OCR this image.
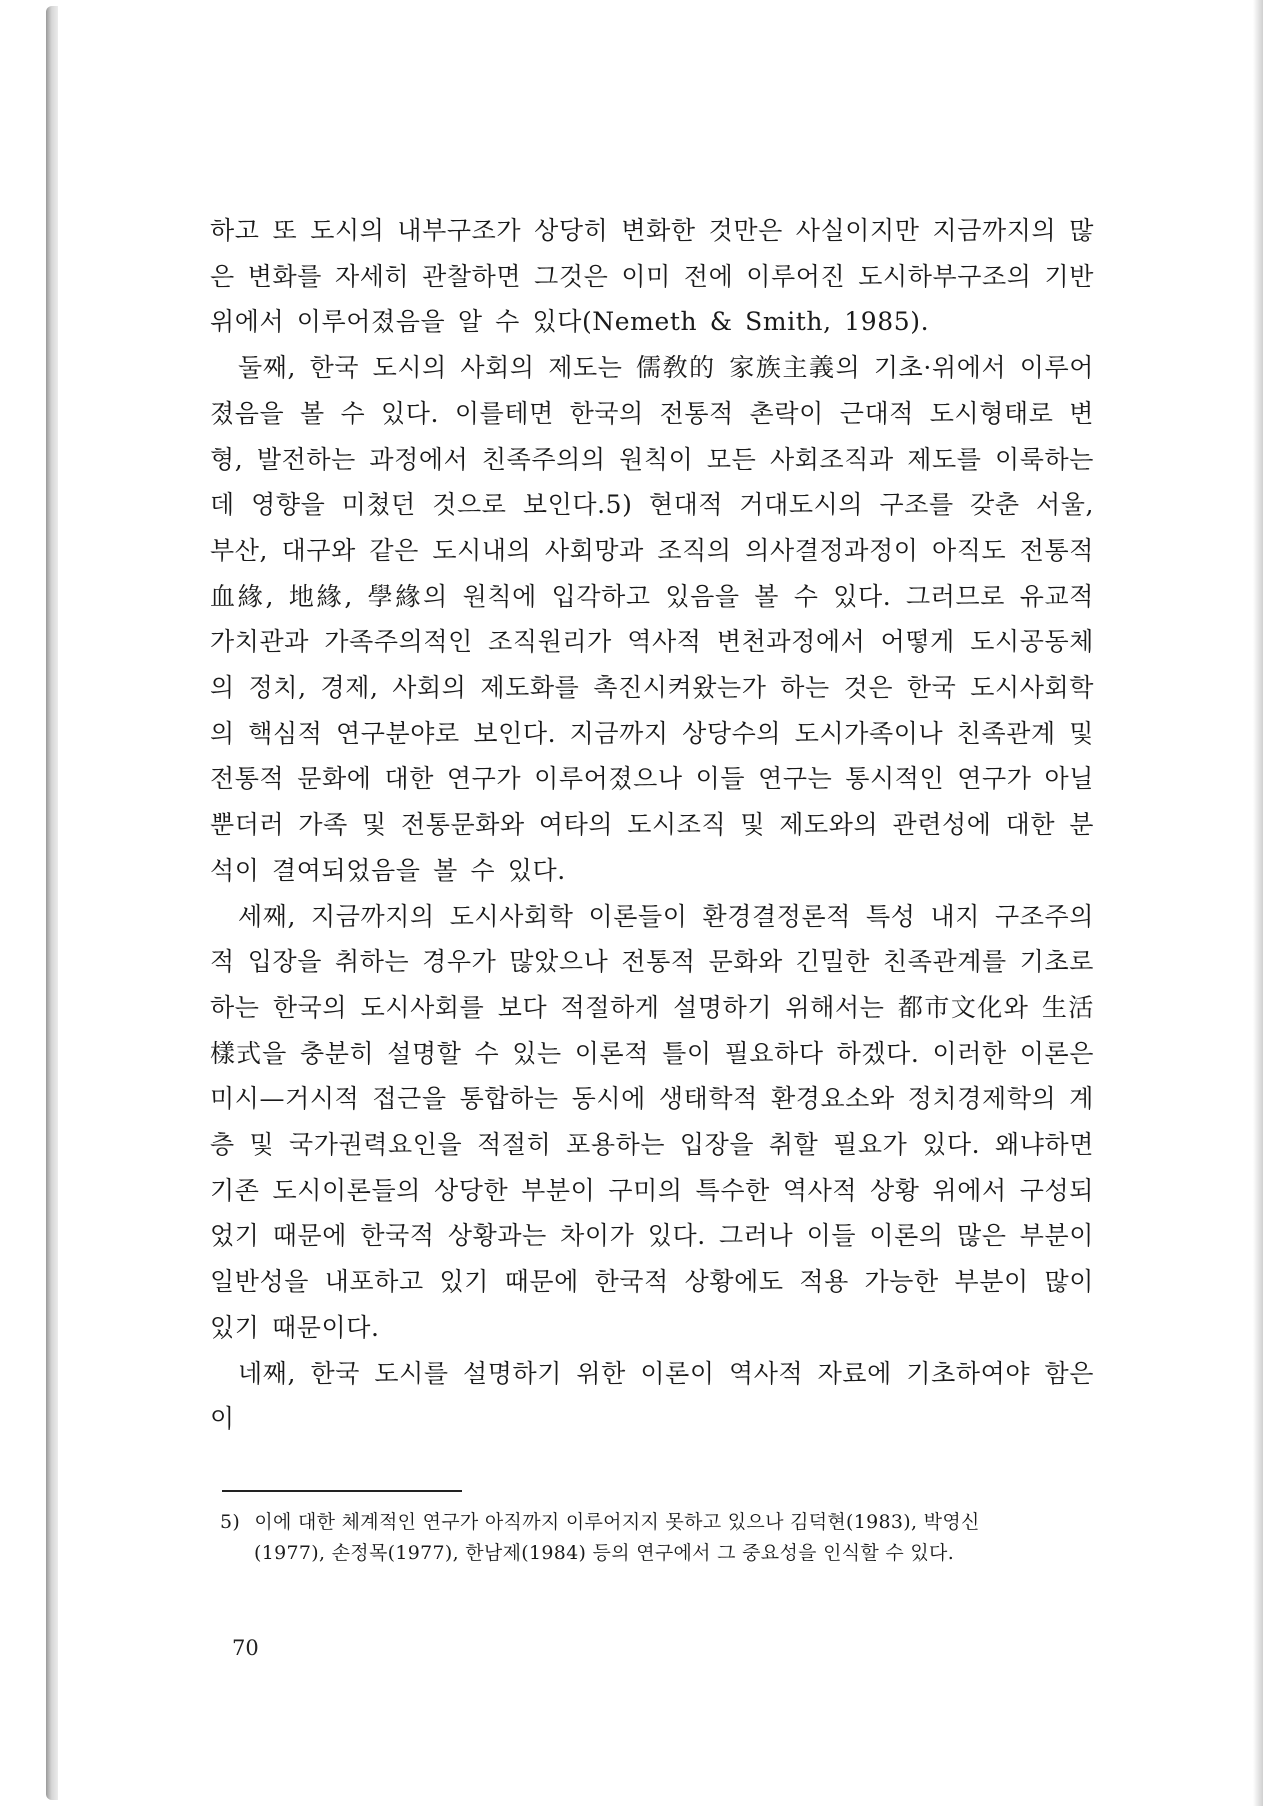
하고 또 도시의 내부구조가 상당히 변화한 것만은 사실이지만 지금까지의 많은 변화를 자세히 관찰하면 그것은 이미 전에 이루어진 도시하부구조의 기반 위에서 이루어졌음을 알 수 있다(Nemeth & Smith, 1985).

둘째, 한국 도시의 사회의 제도는 儒敎的 家族主義의 기초·위에서 이루어졌음을 볼 수 있다. 이를테면 한국의 전통적 촌락이 근대적 도시형태로 변형, 발전하는 과정에서 친족주의의 원칙이 모든 사회조직과 제도를 이룩하는데 영향을 미쳤던 것으로 보인다.5) 현대적 거대도시의 구조를 갖춘 서울, 부산, 대구와 같은 도시내의 사회망과 조직의 의사결정과정이 아직도 전통적 血緣, 地緣, 學緣의 원칙에 입각하고 있음을 볼 수 있다. 그러므로 유교적 가치관과 가족주의적인 조직원리가 역사적 변천과정에서 어떻게 도시공동체의 정치, 경제, 사회의 제도화를 촉진시켜왔는가 하는 것은 한국 도시사회학의 핵심적 연구분야로 보인다. 지금까지 상당수의 도시가족이나 친족관계 및 전통적 문화에 대한 연구가 이루어졌으나 이들 연구는 통시적인 연구가 아닐 뿐더러 가족 및 전통문화와 여타의 도시조직 및 제도와의 관련성에 대한 분석이 결여되었음을 볼 수 있다.

세째, 지금까지의 도시사회학 이론들이 환경결정론적 특성 내지 구조주의적 입장을 취하는 경우가 많았으나 전통적 문화와 긴밀한 친족관계를 기초로 하는 한국의 도시사회를 보다 적절하게 설명하기 위해서는 都市文化와 生活樣式을 충분히 설명할 수 있는 이론적 틀이 필요하다 하겠다. 이러한 이론은 미시—거시적 접근을 통합하는 동시에 생태학적 환경요소와 정치경제학의 계층 및 국가권력요인을 적절히 포용하는 입장을 취할 필요가 있다. 왜냐하면 기존 도시이론들의 상당한 부분이 구미의 특수한 역사적 상황 위에서 구성되었기 때문에 한국적 상황과는 차이가 있다. 그러나 이들 이론의 많은 부분이 일반성을 내포하고 있기 때문에 한국적 상황에도 적용 가능한 부분이 많이 있기 때문이다.

네째, 한국 도시를 설명하기 위한 이론이 역사적 자료에 기초하여야 함은 이

5) 이에 대한 체계적인 연구가 아직까지 이루어지지 못하고 있으나 김덕현(1983), 박영신
(1977), 손정목(1977), 한남제(1984) 등의 연구에서 그 중요성을 인식할 수 있다.
70
